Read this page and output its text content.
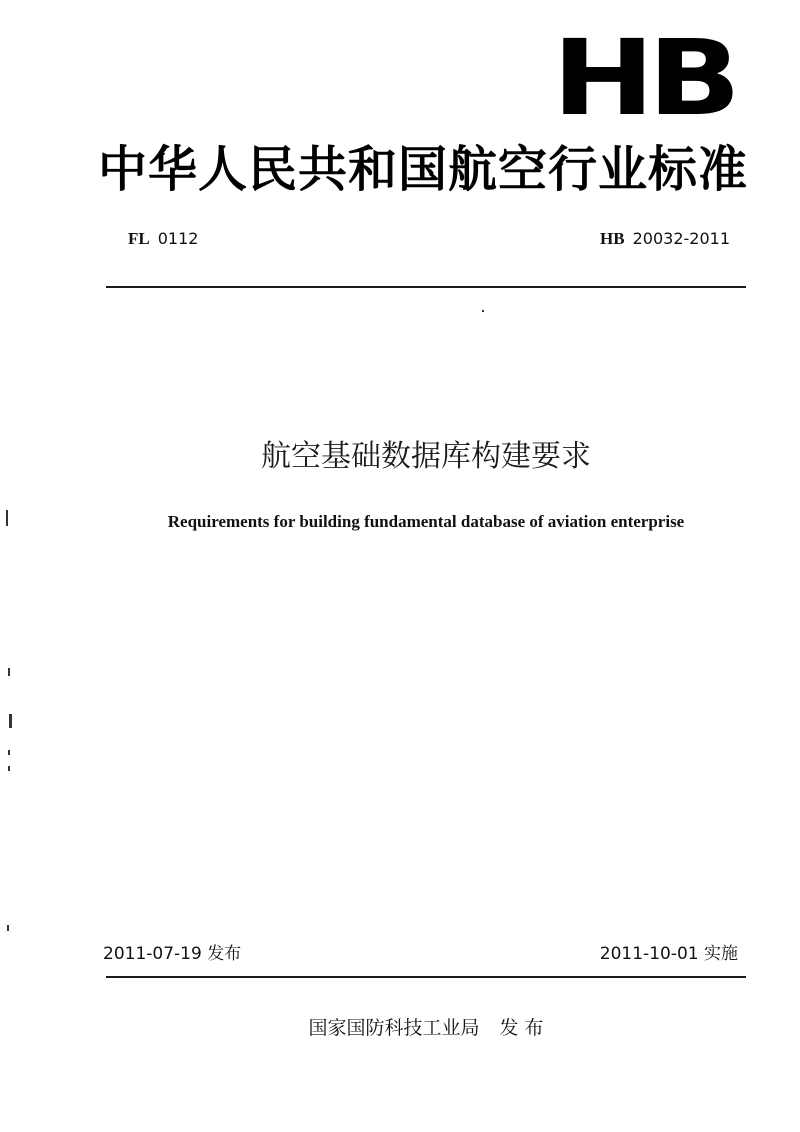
HB
中华人民共和国航空行业标准
FL 0112	HB 20032-2011
航空基础数据库构建要求
Requirements for building fundamental database of aviation enterprise
2011-07-19 发布	2011-10-01 实施
国家国防科技工业局 发 布
